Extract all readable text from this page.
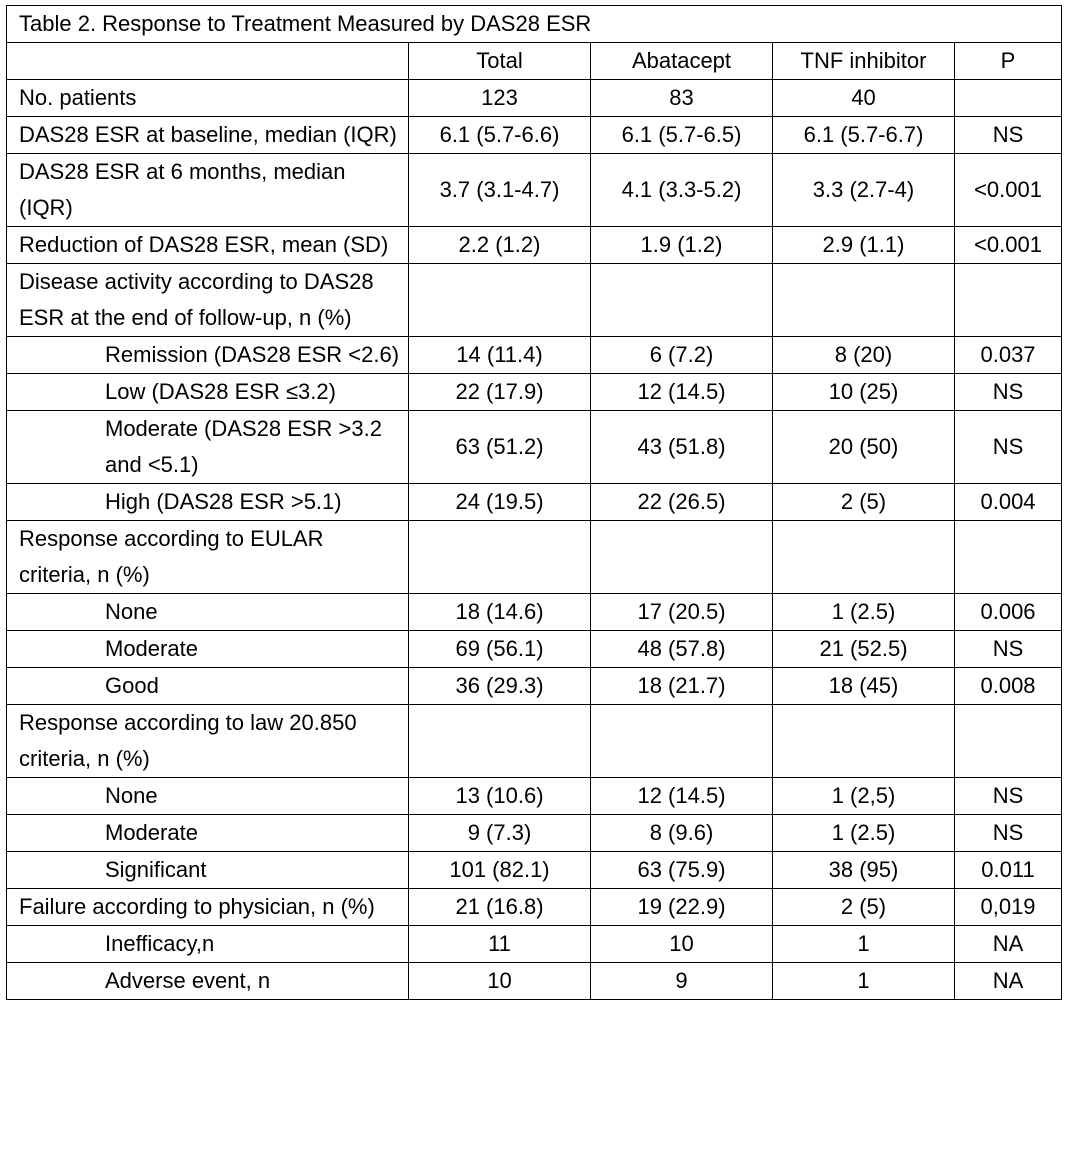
Table 2. Response to Treatment Measured by DAS28 ESR				
	Total	Abatacept	TNF inhibitor	P
No. patients	123	83	40	
DAS28 ESR at baseline, median (IQR)	6.1 (5.7-6.6)	6.1 (5.7-6.5)	6.1 (5.7-6.7)	NS
DAS28 ESR at 6 months, median (IQR)	3.7 (3.1-4.7)	4.1 (3.3-5.2)	3.3 (2.7-4)	<0.001
Reduction of DAS28 ESR, mean (SD)	2.2 (1.2)	1.9 (1.2)	2.9 (1.1)	<0.001
Disease activity according to DAS28 ESR at the end of follow-up, n (%)				
Remission (DAS28 ESR <2.6)	14 (11.4)	6 (7.2)	8 (20)	0.037
Low (DAS28 ESR ≤3.2)	22 (17.9)	12 (14.5)	10 (25)	NS
Moderate (DAS28 ESR >3.2 and <5.1)	63 (51.2)	43 (51.8)	20 (50)	NS
High (DAS28 ESR >5.1)	24 (19.5)	22 (26.5)	2 (5)	0.004
Response according to EULAR criteria, n (%)				
None	18 (14.6)	17 (20.5)	1 (2.5)	0.006
Moderate	69 (56.1)	48 (57.8)	21 (52.5)	NS
Good	36 (29.3)	18 (21.7)	18 (45)	0.008
Response according to law 20.850 criteria, n (%)				
None	13 (10.6)	12 (14.5)	1 (2,5)	NS
Moderate	9 (7.3)	8 (9.6)	1 (2.5)	NS
Significant	101 (82.1)	63 (75.9)	38 (95)	0.011
Failure according to physician, n (%)	21 (16.8)	19 (22.9)	2 (5)	0,019
Inefficacy,n	11	10	1	NA
Adverse event, n	10	9	1	NA
